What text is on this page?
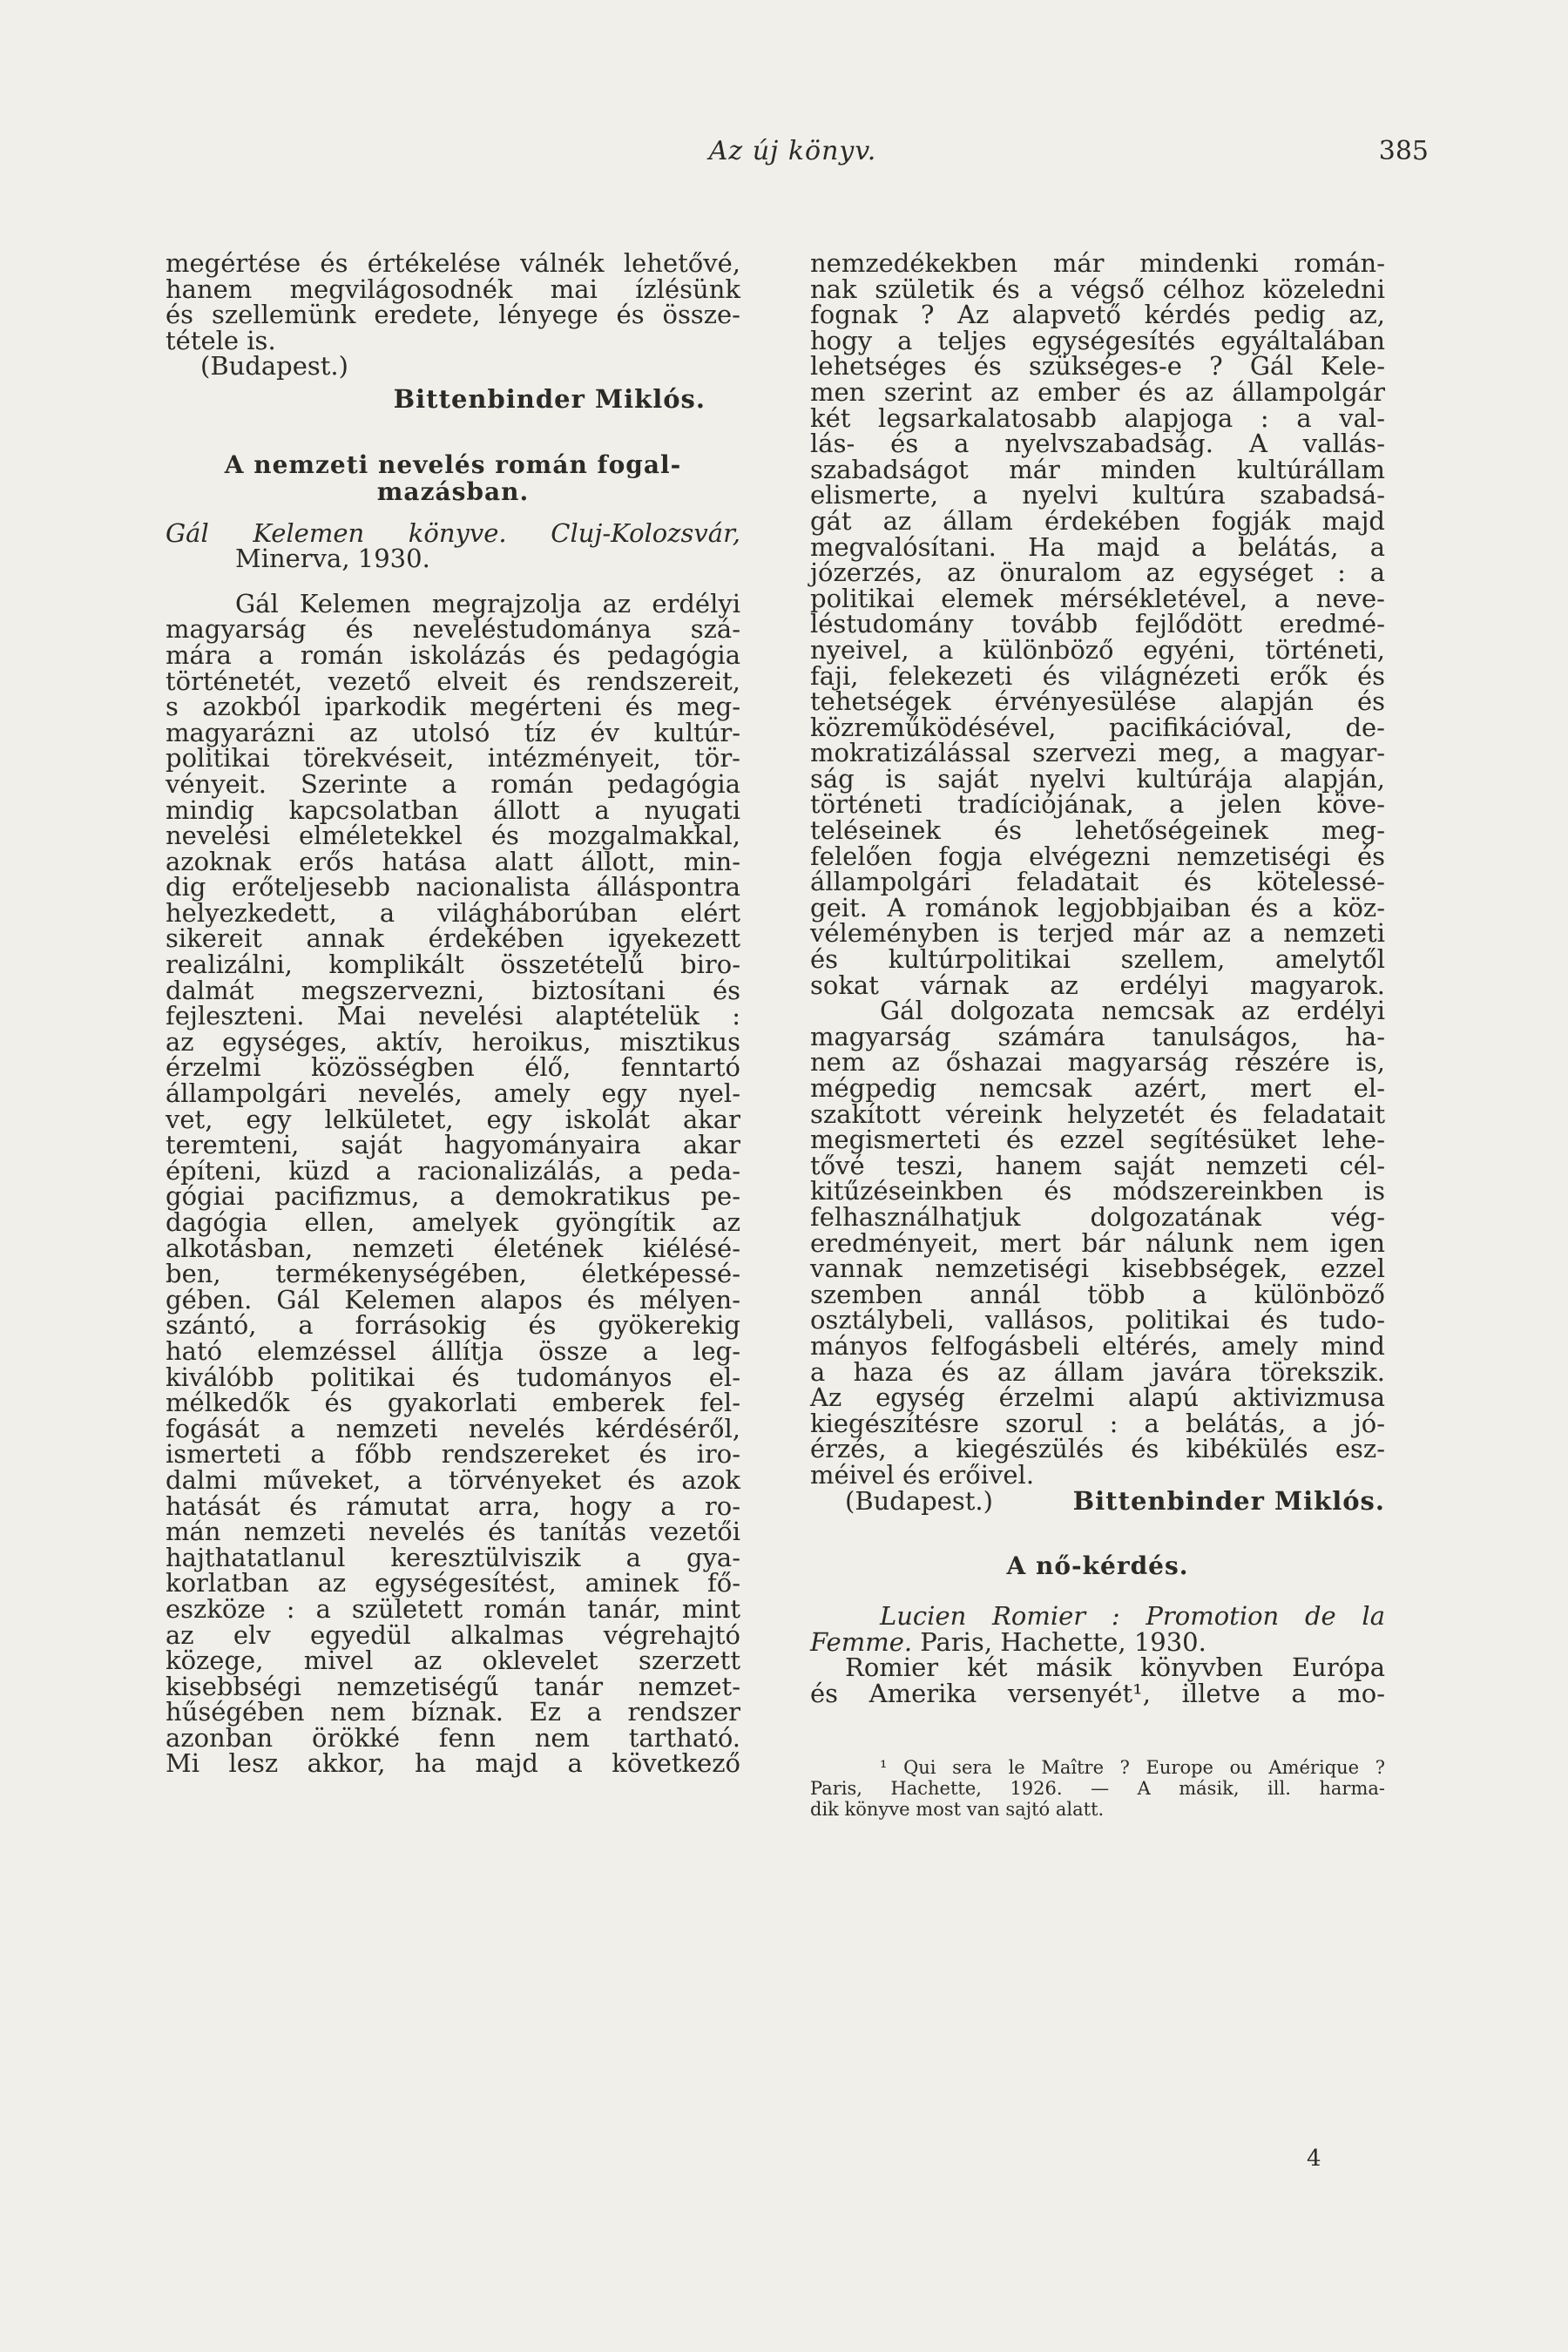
Az új könyv.	385
megértése és értékelése válnék lehetővé,
hanem megvilágosodnék mai ízlésünk
és szellemünk eredete, lényege és össze-
tétele is.
(Budapest.)
Bittenbinder Miklós.
A nemzeti nevelés román fogal-
mazásban.
Gál Kelemen könyve. Cluj-Kolozsvár,
Minerva, 1930.
Gál Kelemen megrajzolja az erdélyi
magyarság és neveléstudománya szá-
mára a román iskolázás és pedagógia
történetét, vezető elveit és rendszereit,
s azokból iparkodik megérteni és meg-
magyarázni az utolsó tíz év kultúr-
politikai törekvéseit, intézményeit, tör-
vényeit. Szerinte a román pedagógia
mindig kapcsolatban állott a nyugati
nevelési elméletekkel és mozgalmakkal,
azoknak erős hatása alatt állott, min-
dig erőteljesebb nacionalista álláspontra
helyezkedett, a világháborúban elért
sikereit annak érdekében igyekezett
realizálni, komplikált összetételű biro-
dalmát megszervezni, biztosítani és
fejleszteni. Mai nevelési alaptételük :
az egységes, aktív, heroikus, misztikus
érzelmi közösségben élő, fenntartó
állampolgári nevelés, amely egy nyel-
vet, egy lelkületet, egy iskolát akar
teremteni, saját hagyományaira akar
építeni, küzd a racionalizálás, a peda-
gógiai pacifizmus, a demokratikus pe-
dagógia ellen, amelyek gyöngítik az
alkotásban, nemzeti életének kiélésé-
ben, termékenységében, életképessé-
gében. Gál Kelemen alapos és mélyen-
szántó, a forrásokig és gyökerekig
ható elemzéssel állítja össze a leg-
kiválóbb politikai és tudományos el-
mélkedők és gyakorlati emberek fel-
fogását a nemzeti nevelés kérdéséről,
ismerteti a főbb rendszereket és iro-
dalmi műveket, a törvényeket és azok
hatását és rámutat arra, hogy a ro-
mán nemzeti nevelés és tanítás vezetői
hajthatatlanul keresztülviszik a gya-
korlatban az egységesítést, aminek fő-
eszköze : a született román tanár, mint
az elv egyedül alkalmas végrehajtó
közege, mivel az oklevelet szerzett
kisebbségi nemzetiségű tanár nemzet-
hűségében nem bíznak. Ez a rendszer
azonban örökké fenn nem tartható.
Mi lesz akkor, ha majd a következő
nemzedékekben már mindenki román-
nak születik és a végső célhoz közeledni
fognak ? Az alapvető kérdés pedig az,
hogy a teljes egységesítés egyáltalában
lehetséges és szükséges-e ? Gál Kele-
men szerint az ember és az állampolgár
két legsarkalatosabb alapjoga : a val-
lás- és a nyelvszabadság. A vallás-
szabadságot már minden kultúrállam
elismerte, a nyelvi kultúra szabadsá-
gát az állam érdekében fogják majd
megvalósítani. Ha majd a belátás, a
józerzés, az önuralom az egységet : a
politikai elemek mérsékletével, a neve-
léstudomány tovább fejlődött eredmé-
nyeivel, a különböző egyéni, történeti,
faji, felekezeti és világnézeti erők és
tehetségek érvényesülése alapján és
közreműködésével, pacifikációval, de-
mokratizálással szervezi meg, a magyar-
ság is saját nyelvi kultúrája alapján,
történeti tradíciójának, a jelen köve-
teléseinek és lehetőségeinek meg-
felelően fogja elvégezni nemzetiségi és
állampolgári feladatait és kötelessé-
geit. A románok legjobbjaiban és a köz-
véleményben is terjed már az a nemzeti
és kultúrpolitikai szellem, amelytől
sokat várnak az erdélyi magyarok.
Gál dolgozata nemcsak az erdélyi
magyarság számára tanulságos, ha-
nem az őshazai magyarság részére is,
mégpedig nemcsak azért, mert el-
szakított véreink helyzetét és feladatait
megismerteti és ezzel segítésüket lehe-
tővé teszi, hanem saját nemzeti cél-
kitűzéseinkben és módszereinkben is
felhasználhatjuk dolgozatának vég-
eredményeit, mert bár nálunk nem igen
vannak nemzetiségi kisebbségek, ezzel
szemben annál több a különböző
osztálybeli, vallásos, politikai és tudo-
mányos felfogásbeli eltérés, amely mind
a haza és az állam javára törekszik.
Az egység érzelmi alapú aktivizmusa
kiegészítésre szorul : a belátás, a jó-
érzés, a kiegészülés és kibékülés esz-
méivel és erőivel.
(Budapest.)	Bittenbinder Miklós.
A nő-kérdés.
Lucien Romier : Promotion de la
Femme. Paris, Hachette, 1930.
Romier két másik könyvben Európa
és Amerika versenyét¹, illetve a mo-
¹ Qui sera le Maître ? Europe ou Amérique ?
Paris, Hachette, 1926. — A másik, ill. harma-
dik könyve most van sajtó alatt.
4
